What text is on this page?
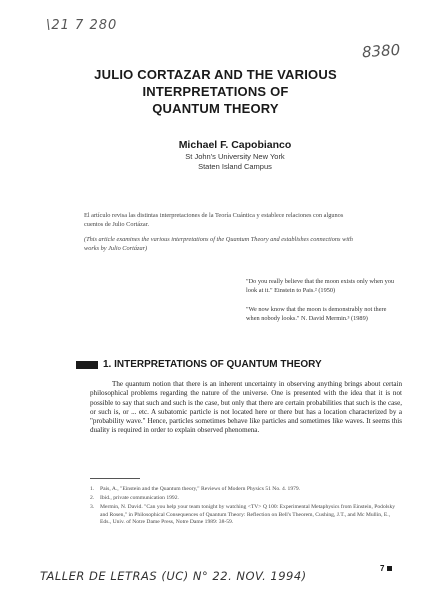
\21 7 280
8380
JULIO CORTAZAR AND THE VARIOUS
INTERPRETATIONS OF
QUANTUM THEORY
Michael F. Capobianco
St John's University New York
Staten Island Campus

El artículo revisa las distintas interpretaciones de la Teoría Cuántica y establece relaciones con algunos cuentos de Julio Cortázar.

(This article examines the various interpretations of the Quantum Theory and establishes connections with works by Julio Cortázar)

"Do you really believe that the moon exists only when you look at it." Einstein to Pais.² (1950)

"We now know that the moon is demonstrably not there when nobody looks." N. David Mermin.³ (1989)

1. INTERPRETATIONS OF QUANTUM THEORY

The quantum notion that there is an inherent uncertainty in observing anything brings about certain philosophical problems regarding the nature of the universe. One is presented with the idea that it is not possible to say that such and such is the case, but only that there are certain probabilities that such is the case, or such is, or ... etc. A subatomic particle is not located here or there but has a location characterized by a "probability wave." Hence, particles sometimes behave like particles and sometimes like waves. It seems this duality is required in order to explain observed phenomena.

1.	Pais, A., "Einstein and the Quantum theory," Reviews of Modern Physics 51 No. 4. 1979.
2.	Ibid., private communication 1992.
3.	Mermin, N. David. "Can you help your team tonight by watching <TV> Q 100: Experimental Metaphysics from Einstein, Podolsky and Rosen," in Philosophical Consequences of Quantum Theory: Reflection on Bell's Theorem, Cushing, J.T., and Mc Mullin, E., Eds., Univ. of Notre Dame Press, Notre Dame 1989: 38-59.
TALLER DE LETRAS (UC) N° 22. NOV. 1994)
7
